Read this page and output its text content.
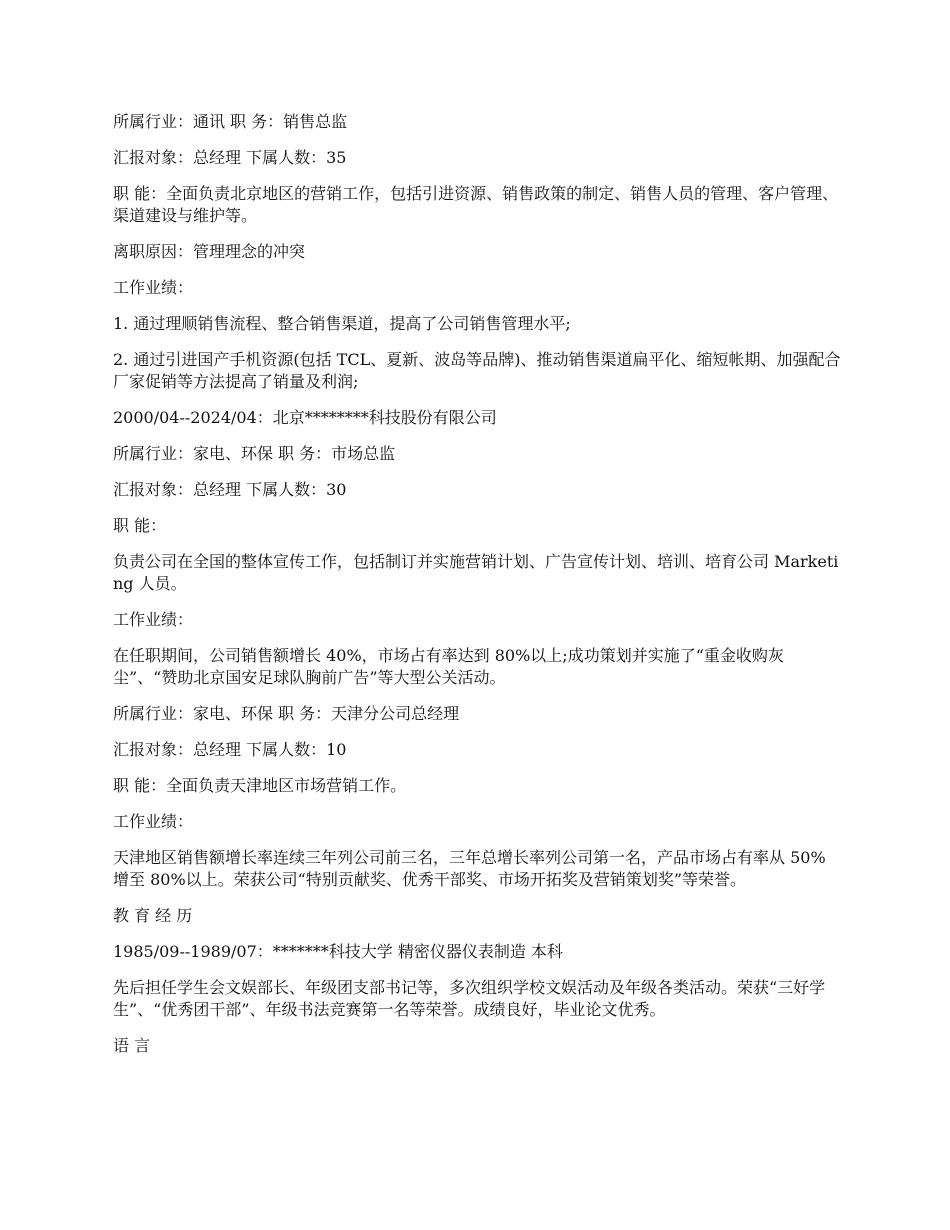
所属行业：通讯 职 务：销售总监

汇报对象：总经理 下属人数：35

职 能：全面负责北京地区的营销工作，包括引进资源、销售政策的制定、销售人员的管理、客户管理、渠道建设与维护等。

离职原因：管理理念的冲突

工作业绩：

1. 通过理顺销售流程、整合销售渠道，提高了公司销售管理水平;

2. 通过引进国产手机资源(包括 TCL、夏新、波岛等品牌)、推动销售渠道扁平化、缩短帐期、加强配合厂家促销等方法提高了销量及利润;

2000/04--2024/04：北京********科技股份有限公司

所属行业：家电、环保 职 务：市场总监

汇报对象：总经理 下属人数：30

职 能：

负责公司在全国的整体宣传工作，包括制订并实施营销计划、广告宣传计划、培训、培育公司 Marketing 人员。

工作业绩：

在任职期间，公司销售额增长 40%，市场占有率达到 80%以上;成功策划并实施了“重金收购灰尘”、“赞助北京国安足球队胸前广告”等大型公关活动。

所属行业：家电、环保 职 务：天津分公司总经理

汇报对象：总经理 下属人数：10

职 能：全面负责天津地区市场营销工作。

工作业绩：

天津地区销售额增长率连续三年列公司前三名，三年总增长率列公司第一名，产品市场占有率从 50%增至 80%以上。荣获公司“特别贡献奖、优秀干部奖、市场开拓奖及营销策划奖”等荣誉。

教 育 经 历

1985/09--1989/07：*******科技大学 精密仪器仪表制造 本科

先后担任学生会文娱部长、年级团支部书记等，多次组织学校文娱活动及年级各类活动。荣获“三好学生”、“优秀团干部”、年级书法竞赛第一名等荣誉。成绩良好，毕业论文优秀。

语 言
